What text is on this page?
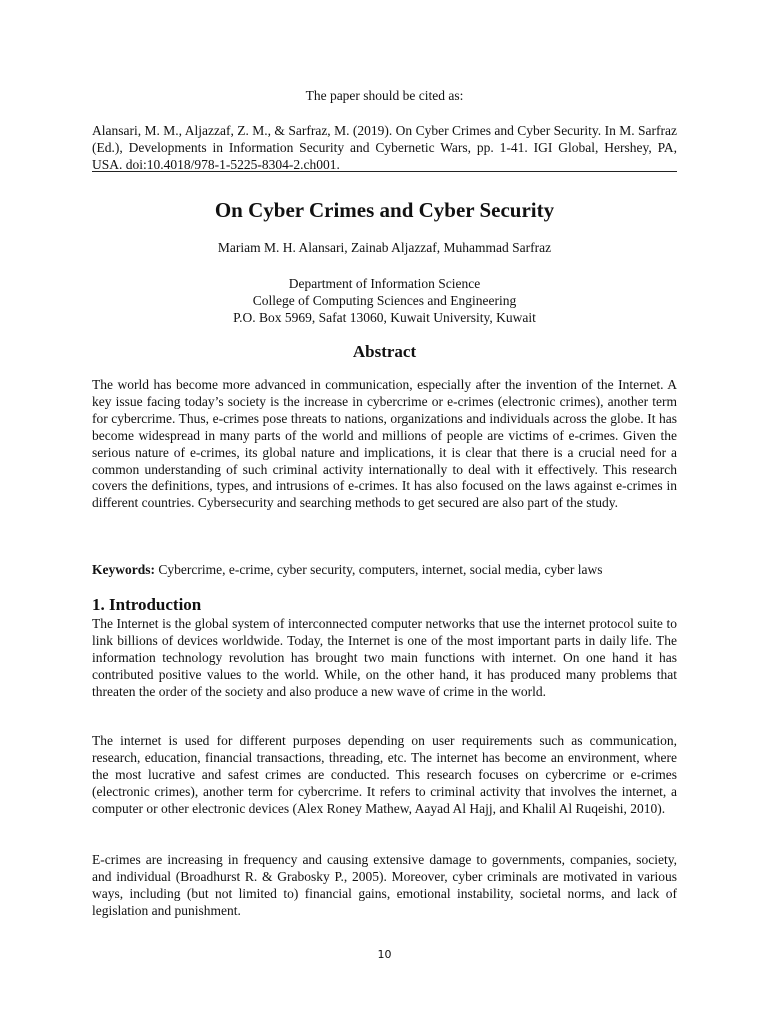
The paper should be cited as:

Alansari, M. M., Aljazzaf, Z. M., & Sarfraz, M. (2019). On Cyber Crimes and Cyber Security. In M. Sarfraz (Ed.), Developments in Information Security and Cybernetic Wars, pp. 1-41. IGI Global, Hershey, PA, USA. doi:10.4018/978-1-5225-8304-2.ch001.

On Cyber Crimes and Cyber Security
Mariam M. H. Alansari, Zainab Aljazzaf, Muhammad Sarfraz
Department of Information Science
College of Computing Sciences and Engineering
P.O. Box 5969, Safat 13060, Kuwait University, Kuwait
Abstract

The world has become more advanced in communication, especially after the invention of the Internet. A key issue facing today’s society is the increase in cybercrime or e-crimes (electronic crimes), another term for cybercrime. Thus, e-crimes pose threats to nations, organizations and individuals across the globe. It has become widespread in many parts of the world and millions of people are victims of e-crimes. Given the serious nature of e-crimes, its global nature and implications, it is clear that there is a crucial need for a common understanding of such criminal activity internationally to deal with it effectively. This research covers the definitions, types, and intrusions of e-crimes. It has also focused on the laws against e-crimes in different countries. Cybersecurity and searching methods to get secured are also part of the study.

Keywords: Cybercrime, e-crime, cyber security, computers, internet, social media, cyber laws

1. Introduction

The Internet is the global system of interconnected computer networks that use the internet protocol suite to link billions of devices worldwide. Today, the Internet is one of the most important parts in daily life. The information technology revolution has brought two main functions with internet. On one hand it has contributed positive values to the world. While, on the other hand, it has produced many problems that threaten the order of the society and also produce a new wave of crime in the world.

The internet is used for different purposes depending on user requirements such as communication, research, education, financial transactions, threading, etc. The internet has become an environment, where the most lucrative and safest crimes are conducted. This research focuses on cybercrime or e-crimes (electronic crimes), another term for cybercrime. It refers to criminal activity that involves the internet, a computer or other electronic devices (Alex Roney Mathew, Aayad Al Hajj, and Khalil Al Ruqeishi, 2010).

E-crimes are increasing in frequency and causing extensive damage to governments, companies, society, and individual (Broadhurst R. & Grabosky P., 2005). Moreover, cyber criminals are motivated in various ways, including (but not limited to) financial gains, emotional instability, societal norms, and lack of legislation and punishment.

10
